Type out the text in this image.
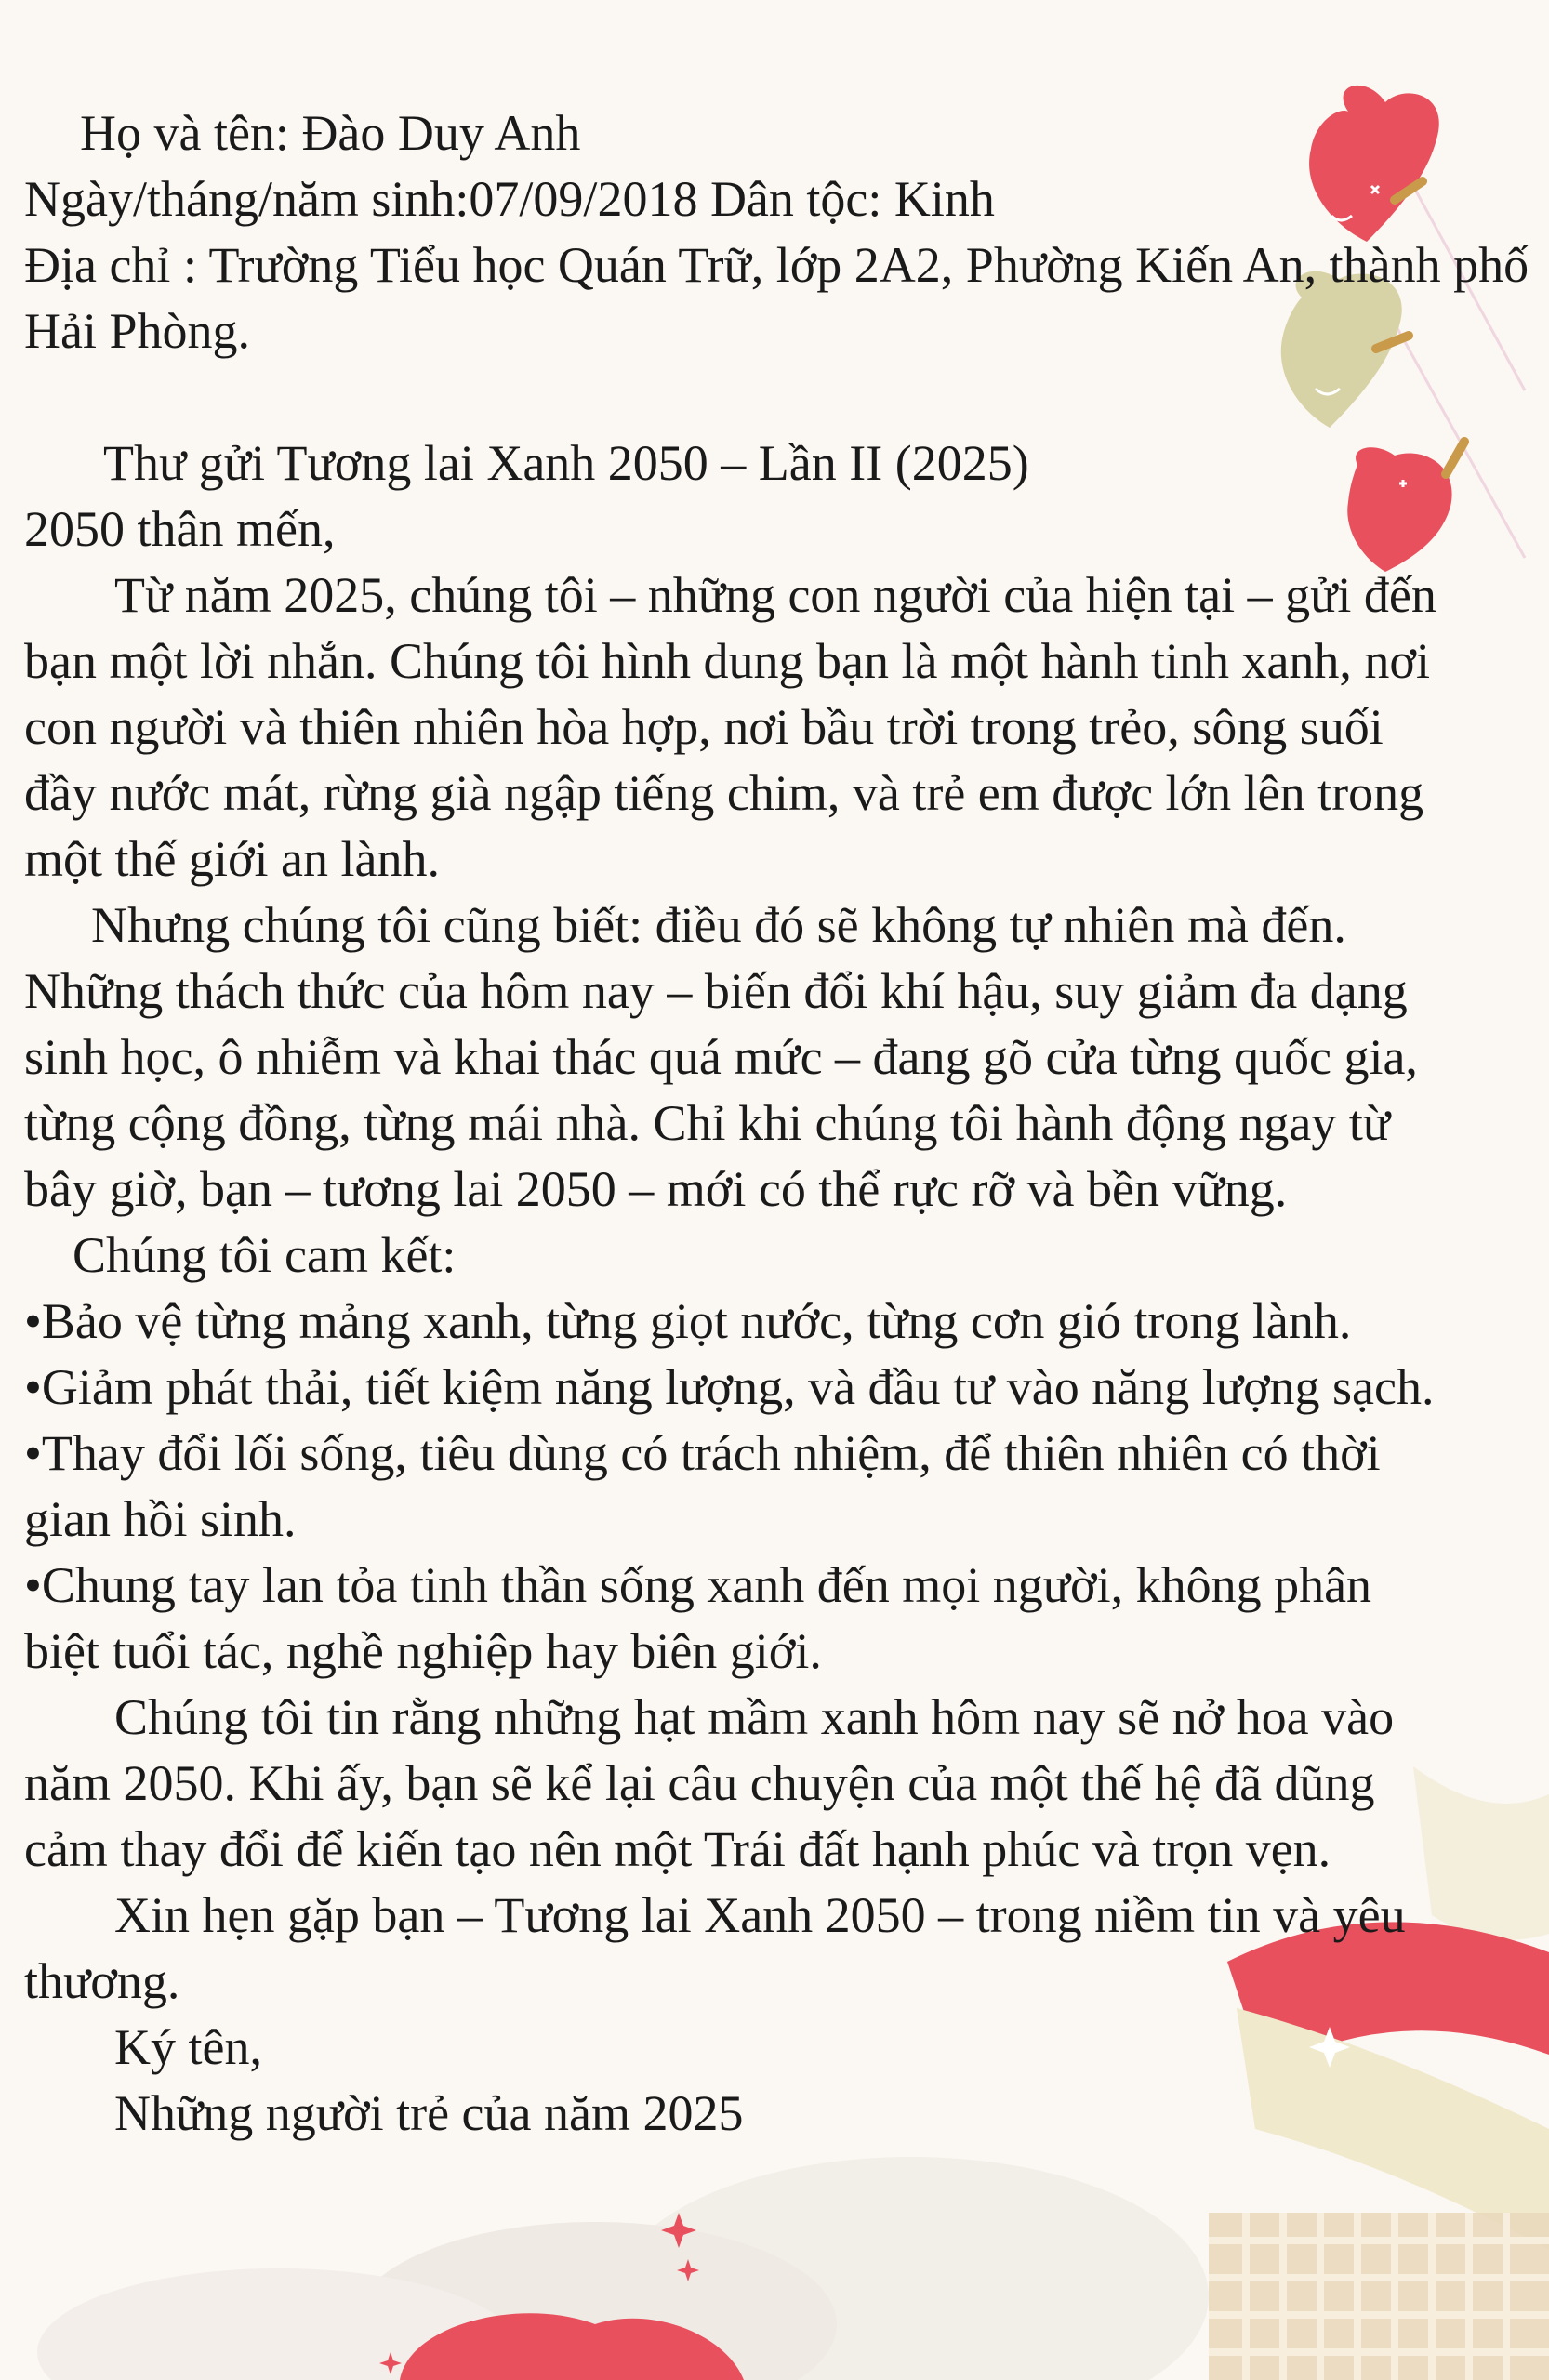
Họ và tên: Đào Duy Anh
Ngày/tháng/năm sinh:07/09/2018 Dân tộc: Kinh
Địa chỉ : Trường Tiểu học Quán Trữ, lớp 2A2, Phường Kiến An, thành phố
Hải Phòng.
Thư gửi Tương lai Xanh 2050 – Lần II (2025)
2050 thân mến,
Từ năm 2025, chúng tôi – những con người của hiện tại – gửi đến
bạn một lời nhắn. Chúng tôi hình dung bạn là một hành tinh xanh, nơi
con người và thiên nhiên hòa hợp, nơi bầu trời trong trẻo, sông suối
đầy nước mát, rừng già ngập tiếng chim, và trẻ em được lớn lên trong
một thế giới an lành.
Nhưng chúng tôi cũng biết: điều đó sẽ không tự nhiên mà đến.
Những thách thức của hôm nay – biến đổi khí hậu, suy giảm đa dạng
sinh học, ô nhiễm và khai thác quá mức – đang gõ cửa từng quốc gia,
từng cộng đồng, từng mái nhà. Chỉ khi chúng tôi hành động ngay từ
bây giờ, bạn – tương lai 2050 – mới có thể rực rỡ và bền vững.
Chúng tôi cam kết:
•Bảo vệ từng mảng xanh, từng giọt nước, từng cơn gió trong lành.
•Giảm phát thải, tiết kiệm năng lượng, và đầu tư vào năng lượng sạch.
•Thay đổi lối sống, tiêu dùng có trách nhiệm, để thiên nhiên có thời
gian hồi sinh.
•Chung tay lan tỏa tinh thần sống xanh đến mọi người, không phân
biệt tuổi tác, nghề nghiệp hay biên giới.
Chúng tôi tin rằng những hạt mầm xanh hôm nay sẽ nở hoa vào
năm 2050. Khi ấy, bạn sẽ kể lại câu chuyện của một thế hệ đã dũng
cảm thay đổi để kiến tạo nên một Trái đất hạnh phúc và trọn vẹn.
Xin hẹn gặp bạn – Tương lai Xanh 2050 – trong niềm tin và yêu
thương.
Ký tên,
Những người trẻ của năm 2025
